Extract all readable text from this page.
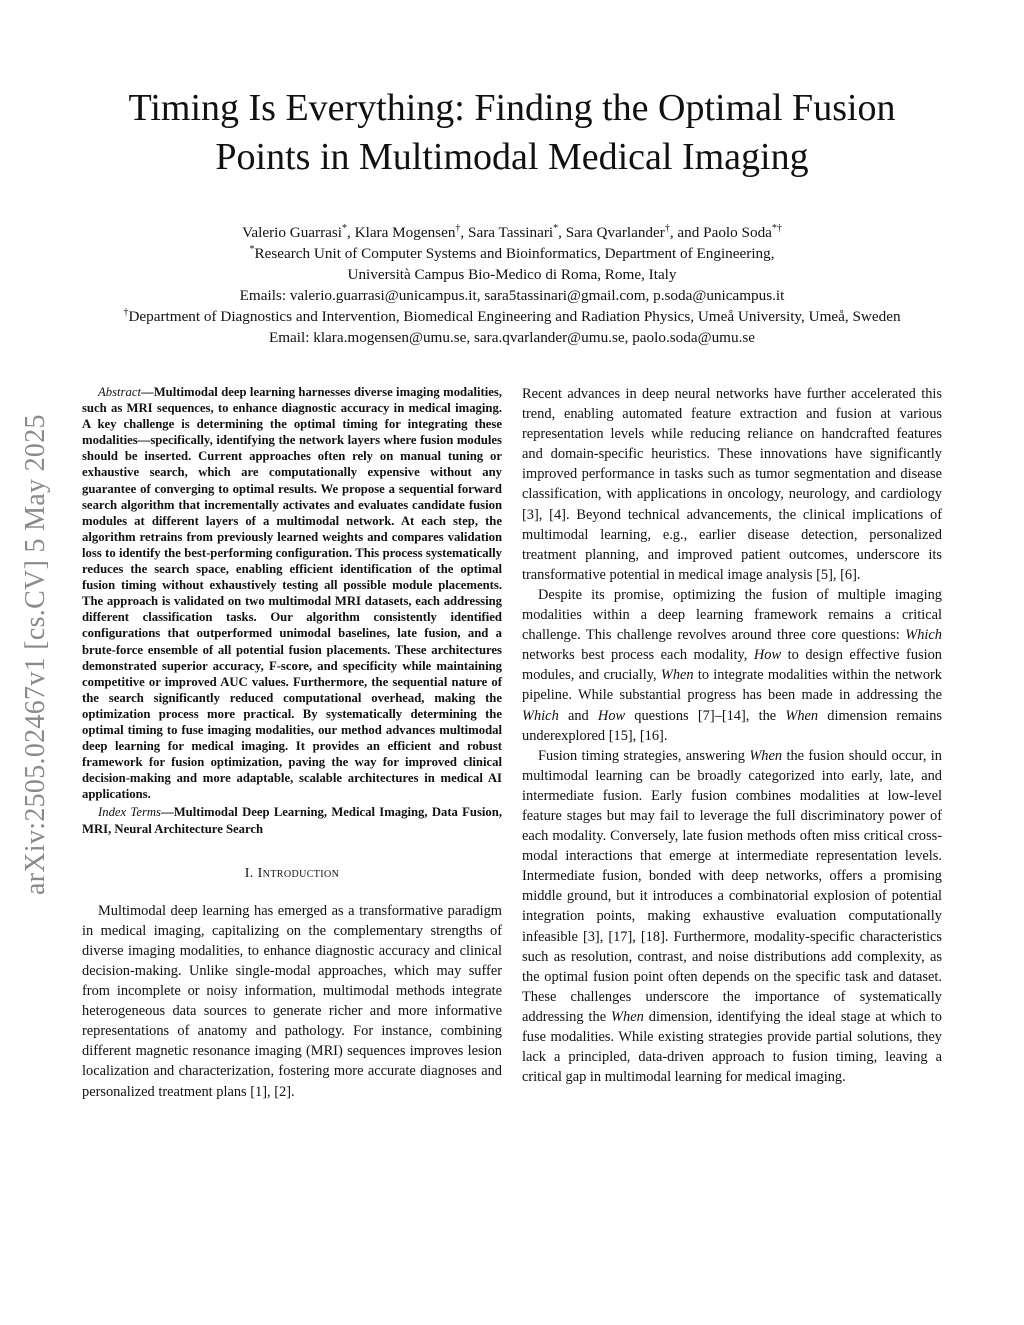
arXiv:2505.02467v1 [cs.CV] 5 May 2025
Timing Is Everything: Finding the Optimal Fusion
Points in Multimodal Medical Imaging
Valerio Guarrasi*, Klara Mogensen†, Sara Tassinari*, Sara Qvarlander†, and Paolo Soda*†
*Research Unit of Computer Systems and Bioinformatics, Department of Engineering,
Università Campus Bio-Medico di Roma, Rome, Italy
Emails: valerio.guarrasi@unicampus.it, sara5tassinari@gmail.com, p.soda@unicampus.it
†Department of Diagnostics and Intervention, Biomedical Engineering and Radiation Physics, Umeå University, Umeå, Sweden
Email: klara.mogensen@umu.se, sara.qvarlander@umu.se, paolo.soda@umu.se

Abstract—Multimodal deep learning harnesses diverse imaging modalities, such as MRI sequences, to enhance diagnostic accuracy in medical imaging. A key challenge is determining the optimal timing for integrating these modalities—specifically, identifying the network layers where fusion modules should be inserted. Current approaches often rely on manual tuning or exhaustive search, which are computationally expensive without any guarantee of converging to optimal results. We propose a sequential forward search algorithm that incrementally activates and evaluates candidate fusion modules at different layers of a multimodal network. At each step, the algorithm retrains from previously learned weights and compares validation loss to identify the best-performing configuration. This process systematically reduces the search space, enabling efficient identification of the optimal fusion timing without exhaustively testing all possible module placements. The approach is validated on two multimodal MRI datasets, each addressing different classification tasks. Our algorithm consistently identified configurations that outperformed unimodal baselines, late fusion, and a brute-force ensemble of all potential fusion placements. These architectures demonstrated superior accuracy, F-score, and specificity while maintaining competitive or improved AUC values. Furthermore, the sequential nature of the search significantly reduced computational overhead, making the optimization process more practical. By systematically determining the optimal timing to fuse imaging modalities, our method advances multimodal deep learning for medical imaging. It provides an efficient and robust framework for fusion optimization, paving the way for improved clinical decision-making and more adaptable, scalable architectures in medical AI applications.

Index Terms—Multimodal Deep Learning, Medical Imaging, Data Fusion, MRI, Neural Architecture Search

I. Introduction

Multimodal deep learning has emerged as a transformative paradigm in medical imaging, capitalizing on the complementary strengths of diverse imaging modalities, to enhance diagnostic accuracy and clinical decision-making. Unlike single-modal approaches, which may suffer from incomplete or noisy information, multimodal methods integrate heterogeneous data sources to generate richer and more informative representations of anatomy and pathology. For instance, combining different magnetic resonance imaging (MRI) sequences improves lesion localization and characterization, fostering more accurate diagnoses and personalized treatment plans [1], [2].

Recent advances in deep neural networks have further accelerated this trend, enabling automated feature extraction and fusion at various representation levels while reducing reliance on handcrafted features and domain-specific heuristics. These innovations have significantly improved performance in tasks such as tumor segmentation and disease classification, with applications in oncology, neurology, and cardiology [3], [4]. Beyond technical advancements, the clinical implications of multimodal learning, e.g., earlier disease detection, personalized treatment planning, and improved patient outcomes, underscore its transformative potential in medical image analysis [5], [6].

Despite its promise, optimizing the fusion of multiple imaging modalities within a deep learning framework remains a critical challenge. This challenge revolves around three core questions: Which networks best process each modality, How to design effective fusion modules, and crucially, When to integrate modalities within the network pipeline. While substantial progress has been made in addressing the Which and How questions [7]–[14], the When dimension remains underexplored [15], [16].

Fusion timing strategies, answering When the fusion should occur, in multimodal learning can be broadly categorized into early, late, and intermediate fusion. Early fusion combines modalities at low-level feature stages but may fail to leverage the full discriminatory power of each modality. Conversely, late fusion methods often miss critical cross-modal interactions that emerge at intermediate representation levels. Intermediate fusion, bonded with deep networks, offers a promising middle ground, but it introduces a combinatorial explosion of potential integration points, making exhaustive evaluation computationally infeasible [3], [17], [18]. Furthermore, modality-specific characteristics such as resolution, contrast, and noise distributions add complexity, as the optimal fusion point often depends on the specific task and dataset. These challenges underscore the importance of systematically addressing the When dimension, identifying the ideal stage at which to fuse modalities. While existing strategies provide partial solutions, they lack a principled, data-driven approach to fusion timing, leaving a critical gap in multimodal learning for medical imaging.
